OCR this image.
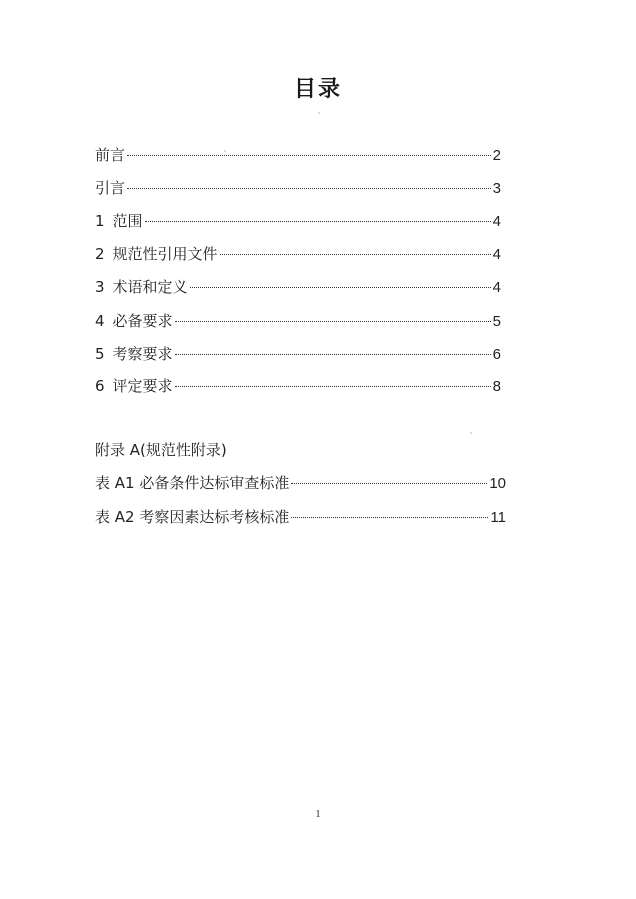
目录
前言	2
引言	3
1 范围	4
2 规范性引用文件	4
3 术语和定义	4
4 必备要求	5
5 考察要求	6
6 评定要求	8
附录 A(规范性附录)
表 A1 必备条件达标审查标准	10
表 A2 考察因素达标考核标准	11
1
